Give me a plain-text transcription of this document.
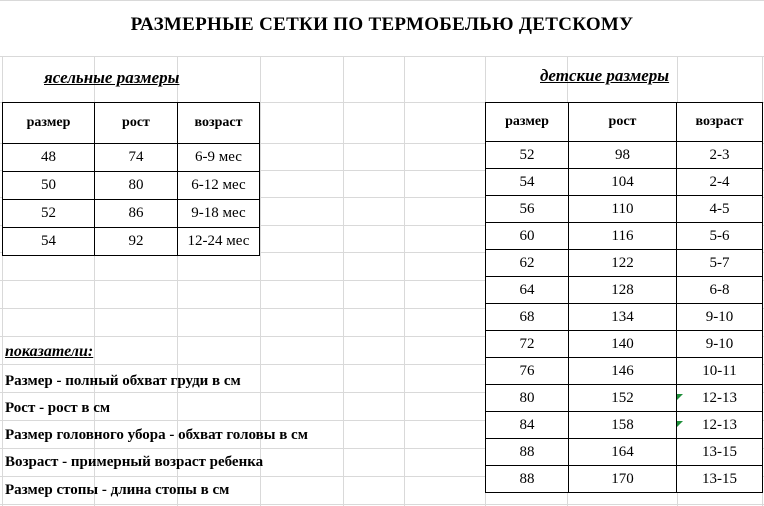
РАЗМЕРНЫЕ СЕТКИ ПО ТЕРМОБЕЛЬЮ ДЕТСКОМУ
ясельные размеры	детские размеры
размер	рост	возраст
48	74	6-9 мес
50	80	6-12 мес
52	86	9-18 мес
54	92	12-24 мес
размер	рост	возраст
52	98	2-3
54	104	2-4
56	110	4-5
60	116	5-6
62	122	5-7
64	128	6-8
68	134	9-10
72	140	9-10
76	146	10-11
80	152	12-13
84	158	12-13
88	164	13-15
88	170	13-15
показатели:
Размер - полный обхват груди в см
Рост - рост в см
Размер головного убора - обхват головы в см
Возраст - примерный возраст ребенка
Размер стопы - длина стопы в см
